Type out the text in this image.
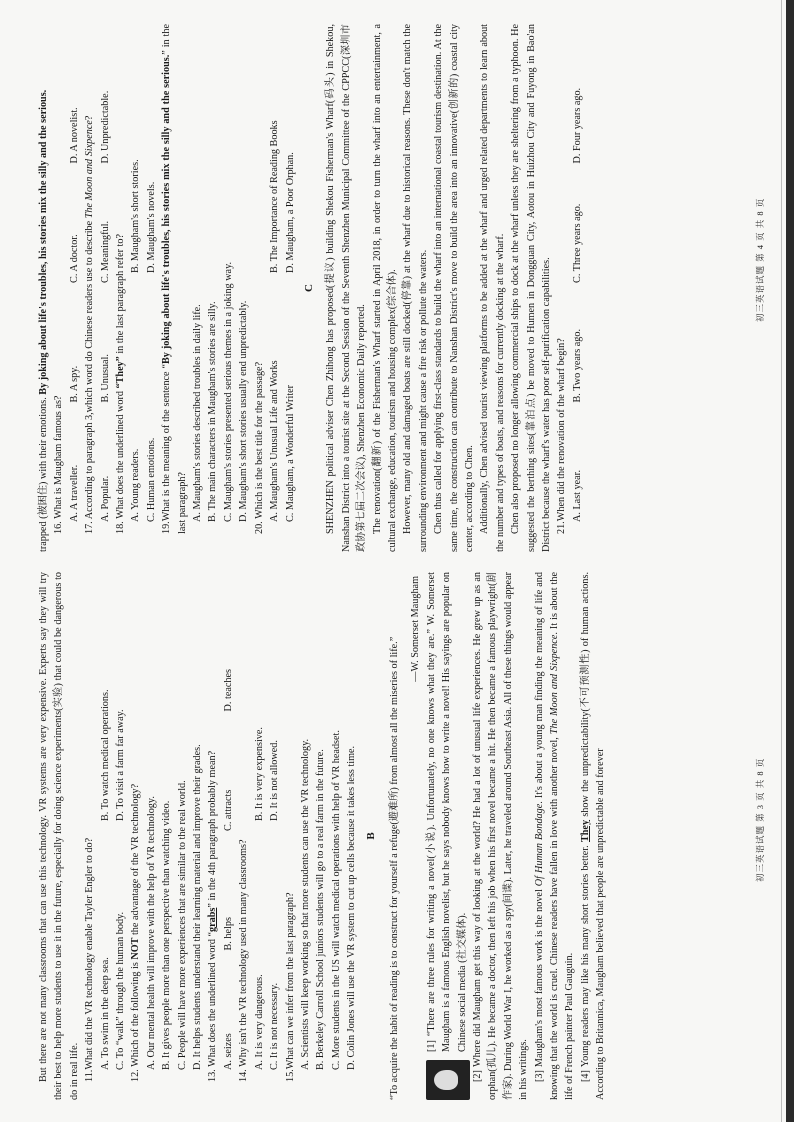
But there are not many classrooms that can use this technology. VR systems are very expensive. Experts say they will try their best to help more students to use it in the future, especially for doing science experiments(实验) that could be dangerous to do in real life. 11.What did the VR technology enable Tayler Engler to do? A. To swim in the deep sea.
B. To watch medical operations.
C. To “walk” through the human body.
D. To visit a farm far away.

12. Which of the following is NOT the advantage of the VR technology? A. Our mental health will improve with the help of VR technology. B. It gives people more than one perspective than watching video. C. People will have more experiences that are similar to the real world. D. It helps students understand their learning material and improve their grades. 13. What does the underlined word “grabs” in the 4th paragraph probably mean?

A. seizes
B. helps
C. attracts
D. teaches

14. Why isn't the VR technology used in many classrooms? A. It is very dangerous.
B. It is very expensive.
C. It is not necessary.
D. It is not allowed.

15.What can we infer from the last paragraph? A. Scientists will keep working so that more students can use the VR technology. B. Berkeley Carroll School juniors students will go to a real farm in the future. C. More students in the US will watch medical operations with help of VR headset. D. Colin Jones will use the VR system to cut up cells because it takes less time. B “To acquire the habit of reading is to construct for yourself a refuge(避难所) from almost all the miseries of life.”

—W. Somerset Maugham [1] “There are three rules for writing a novel(小说). Unfortunately, no one knows what they are.” W. Somerset Maugham is a famous English novelist, but he says nobody knows how to write a novel! His sayings are popular on Chinese social media (社交媒体). [2] Where did Maugham get this way of looking at the world? He had a lot of unusual life experiences. He grew up as an orphan(孤儿). He became a doctor, then left his job when his first novel became a hit. He then became a famous playwright(剧作家). During World War I, he worked as a spy(间谍). Later, he traveled around Southeast Asia. All of these things would appear in his writings. [3] Maugham's most famous work is the novel Of Human Bondage. It's about a young man finding the meaning of life and knowing that the world is cruel. Chinese readers have fallen in love with another novel, The Moon and Sixpence. It is about the life of French painter Paul Gauguin. [4] Young readers may like his many short stories better. They show the unpredictability(不可预测性) of human actions. According to Britannica, Maugham believed that people are unpredictable and forever

trapped (被困住) with their emotions. By joking about life's troubles, his stories mix the silly and the serious.

16. What is Maugham famous as? A. A traveller.
B. A spy.
C. A doctor.
D. A novelist.

17. According to paragraph 3,which word do Chinese readers use to describe The Moon and Sixpence?

A. Popular.
B. Unusual.
C. Meaningful.
D. Unpredictable.

18. What does the underlined word “They” in the last paragraph refer to?

A. Young readers.
B. Maugham's short stories.
C. Human emotions.
D. Maugham's novels.

19.What is the meaning of the sentence “By joking about life's troubles, his stories mix the silly and the serious.” in the last paragraph? A. Maugham's stories described troubles in daily life. B. The main characters in Maugham's stories are silly. C. Maugham's stories presented serious themes in a joking way. D. Maugham's short stories usually end unpredictably. 20. Which is the best title for the passage? A. Maugham's Unusual Life and Works
B. The Importance of Reading Books
C. Maugham, a Wonderful Writer
D. Maugham, a Poor Orphan.
C SHENZHEN political adviser Chen Zhihong has proposed(提议) building Shekou Fisherman's Wharf(码头) in Shekou, Nanshan District into a tourist site at the Second Session of the Seventh Shenzhen Municipal Committee of the CPPCC(深圳市政协第七届二次会议), Shenzhen Economic Daily reported. The renovation(翻新) of the Fisherman's Wharf started in April 2018, in order to turn the wharf into an entertainment, a cultural exchange, education, tourism and housing complex(综合体). However, many old and damaged boats are still docked(停靠) at the wharf due to historical reasons. These don't match the surrounding environment and might cause a fire risk or pollute the waters. Chen thus called for applying first-class standards to build the wharf into an international coastal tourism destination. At the same time, the construction can contribute to Nanshan District's move to build the area into an innovative(创新的) coastal city center, according to Chen. Additionally, Chen advised tourist viewing platforms to be added at the wharf and urged related departments to learn about the number and types of boats, and reasons for currently docking at the wharf. Chen also proposed no longer allowing commercial ships to dock at the wharf unless they are sheltering from a typhoon. He suggested the berthing sites(靠泊点) be moved to Humen in Dongguan City, Aotou in Huizhou City and Fuyong in Bao'an District because the wharf's water has poor self-purification capabilities. 21.When did the renovation of the wharf begin? A. Last year.
B. Two years ago.
C. Three years ago.
D. Four years ago.
初三英语试题 第 3 页 共 8 页
初三英语试题 第 4 页 共 8 页
